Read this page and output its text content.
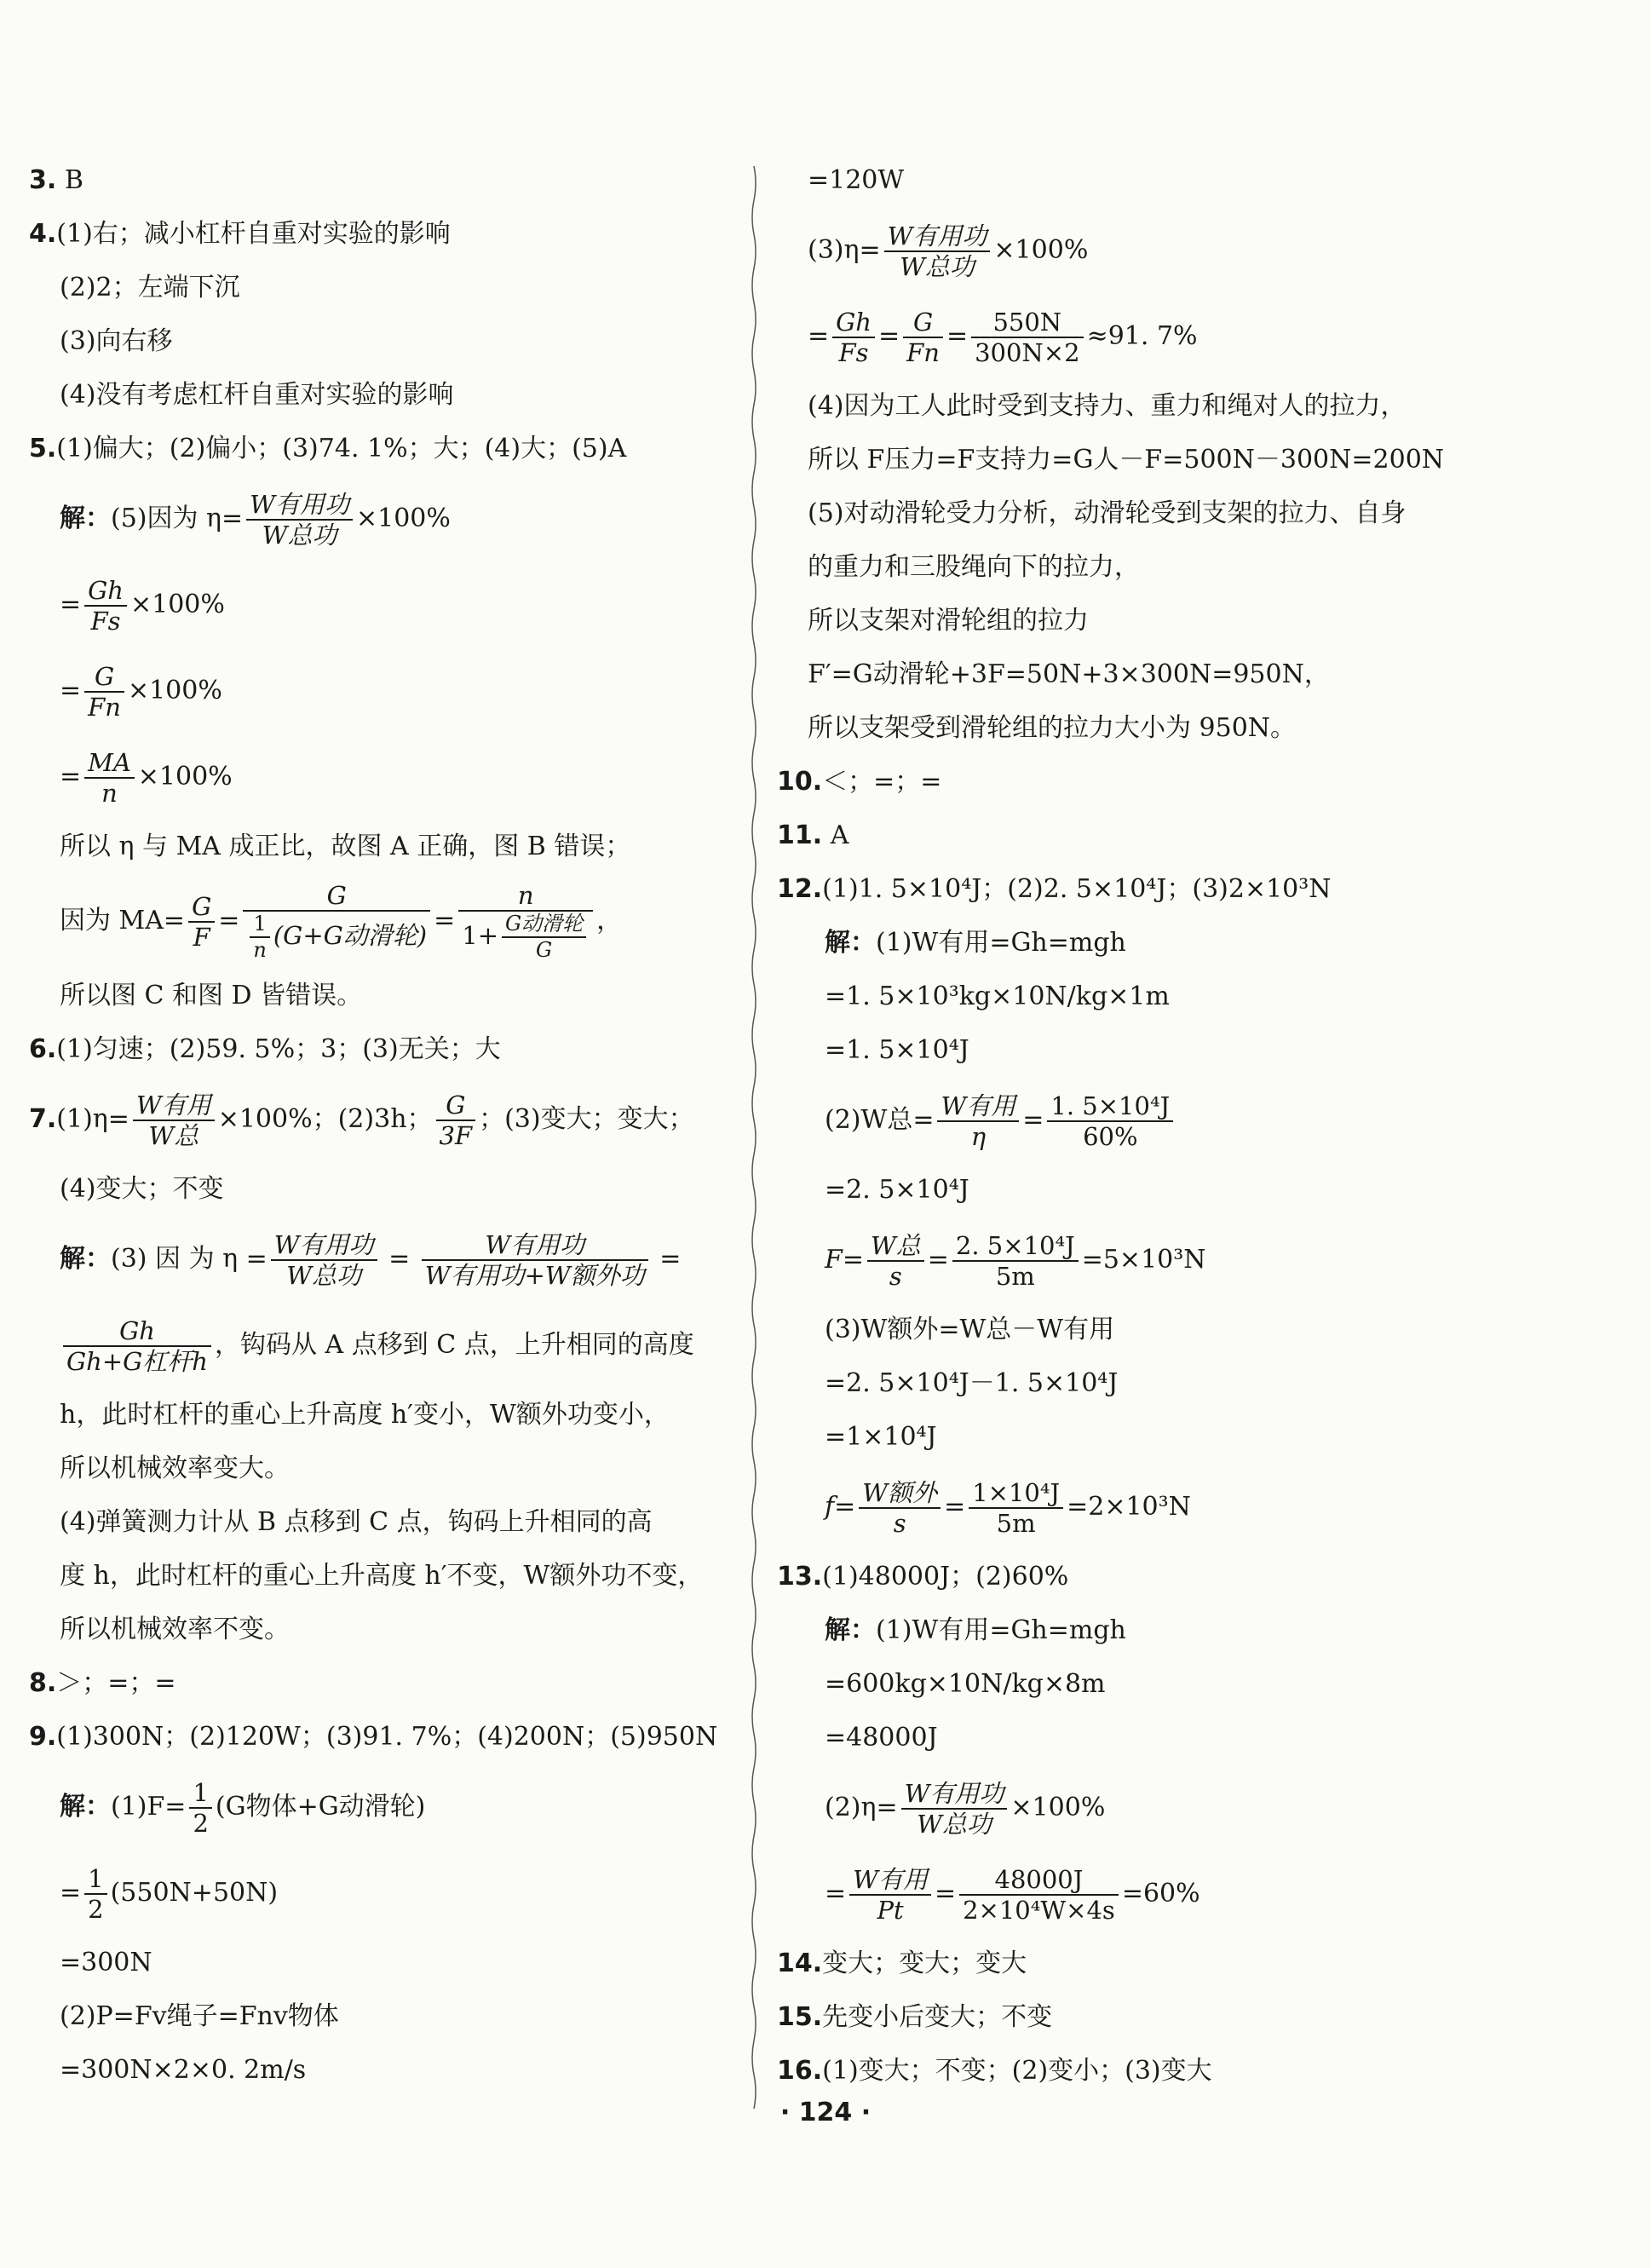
3. B
4.(1)右；减小杠杆自重对实验的影响
(2)2；左端下沉
(3)向右移
(4)没有考虑杠杆自重对实验的影响
5.(1)偏大；(2)偏小；(3)74. 1%；大；(4)大；(5)A
解：(5)因为 $\eta= \frac{\text{W有用功}}{\text{W总功}} \times 100\%$
= $\frac{Gh}{Fs} \times 100\%$
= $\frac{G}{Fn} \times 100\%$
= $\frac{MA}{n} \times 100\%$
所以 η 与 MA 成正比，故图 A 正确，图 B 错误；
因为 $MA= \frac{G}{F} = \frac{G}{\frac{1}{n} (G+G动滑轮)} = \frac{n}{1+ \frac{\text{G动滑轮}}{G}}$ ，
所以图 C 和图 D 皆错误。
6.(1)匀速；(2)59. 5%；3；(3)无关；大
$7.(1)\eta= \frac{\text{W有用}}{\text{W总}} \times 100\%$；(2)3h； $\frac{G}{3F}$ ；(3)变大；变大；
(4)变大；不变
解：(3) 因 为 $\eta = \frac{\text{W有用功}}{\text{W总功}} = \frac{\text{W有用功}}{\text{W有用功+W额外功}}$ =
$\frac{Gh}{\text{Gh+G杠杆h}}$ ，钩码从 A 点移到 C 点，上升相同的高度
h，此时杠杆的重心上升高度 h′变小，W额外功变小，
所以机械效率变大。
(4)弹簧测力计从 B 点移到 C 点，钩码上升相同的高
度 h，此时杠杆的重心上升高度 h′不变，W额外功不变，
所以机械效率不变。
8.＞；=；=
9.(1)300N；(2)120W；(3)91. 7%；(4)200N；(5)950N
解：$(1)F= \frac{1}{2} (G$物体+G动滑轮)
= $\frac{1}{2} (550N+50N)$
=300N
(2)P=Fv绳子=Fnv物体
=300N×2×0. 2m/s
=120W
$(3)\eta= \frac{\text{W有用功}}{\text{W总功}} \times 100\%$
= $\frac{Gh}{Fs} = \frac{G}{Fn} = \frac{550N}{300N\times 2} \approx 91$. 7%
(4)因为工人此时受到支持力、重力和绳对人的拉力，
所以 F压力=F支持力=G人－F=500N－300N=200N
(5)对动滑轮受力分析，动滑轮受到支架的拉力、自身
的重力和三股绳向下的拉力，
所以支架对滑轮组的拉力
F′=G动滑轮+3F=50N+3×300N=950N，
所以支架受到滑轮组的拉力大小为 950N。
10.＜；=；=
11. A
12.(1)1. 5×10⁴J；(2)2. 5×10⁴J；(3)2×10³N
解：(1)W有用=Gh=mgh
=1. 5×10³kg×10N/kg×1m
=1. 5×10⁴J
(2)W总= $\frac{\text{W有用}}{\eta} = \frac{\text{1. 5×10⁴J}}{60\%}$
=2. 5×10⁴J
$F= \frac{\text{W总}}{s} = \frac{\text{2. 5×10⁴J}}{5m} =5\times 10^3N$
(3)W额外=W总－W有用
=2. 5×10⁴J－1. 5×10⁴J
=1×10⁴J
$f= \frac{\text{W额外}}{s} = \frac{\text{1×10⁴J}}{5m} =2\times 10^3N$
13.(1)48000J；(2)60%
解：(1)W有用=Gh=mgh
=600kg×10N/kg×8m
=48000J
$(2)\eta= \frac{\text{W有用功}}{\text{W总功}} \times 100\%$
= $\frac{\text{W有用}}{Pt} = \frac{48000J}{\text{2×10⁴W×4s}} =60\%$
14.变大；变大；变大
15.先变小后变大；不变
16.(1)变大；不变；(2)变小；(3)变大
· 124 ·
